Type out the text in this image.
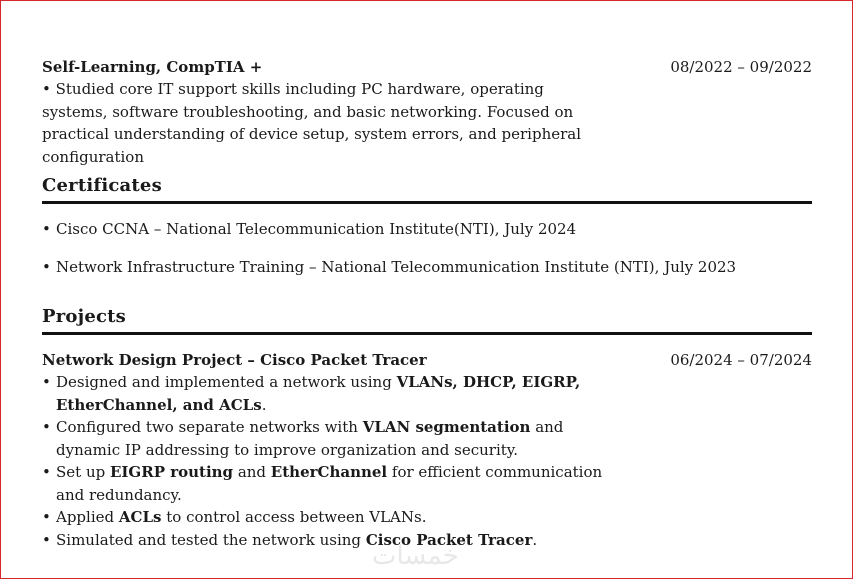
Self-Learning, CompTIA +	08/2022 – 09/2022
• Studied core IT support skills including PC hardware, operating systems, software troubleshooting, and basic networking. Focused on practical understanding of device setup, system errors, and peripheral configuration
Certificates
• Cisco CCNA – National Telecommunication Institute(NTI), July 2024
• Network Infrastructure Training – National Telecommunication Institute (NTI), July 2023
Projects
Network Design Project – Cisco Packet Tracer	06/2024 – 07/2024
• Designed and implemented a network using VLANs, DHCP, EIGRP, EtherChannel, and ACLs.
• Configured two separate networks with VLAN segmentation and dynamic IP addressing to improve organization and security.
• Set up EIGRP routing and EtherChannel for efficient communication and redundancy.
• Applied ACLs to control access between VLANs.
• Simulated and tested the network using Cisco Packet Tracer.
خمسات
